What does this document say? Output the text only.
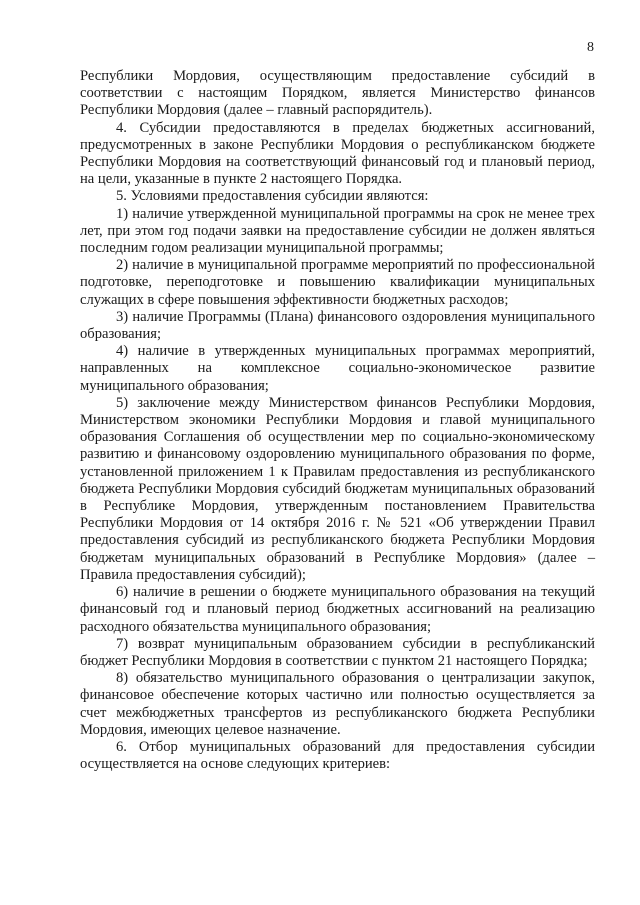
8

Республики Мордовия, осуществляющим предоставление субсидий в соответствии с настоящим Порядком, является Министерство финансов Республики Мордовия (далее – главный распорядитель).

4. Субсидии предоставляются в пределах бюджетных ассигнований, предусмотренных в законе Республики Мордовия о республиканском бюджете Республики Мордовия на соответствующий финансовый год и плановый период, на цели, указанные в пункте 2 настоящего Порядка.

5. Условиями предоставления субсидии являются:

1) наличие утвержденной муниципальной программы на срок не менее трех лет, при этом год подачи заявки на предоставление субсидии не должен являться последним годом реализации муниципальной программы;

2) наличие в муниципальной программе мероприятий по профессиональной подготовке, переподготовке и повышению квалификации муниципальных служащих в сфере повышения эффективности бюджетных расходов;

3) наличие Программы (Плана) финансового оздоровления муниципального образования;

4) наличие в утвержденных муниципальных программах мероприятий, направленных на комплексное социально-экономическое развитие муниципального образования;

5) заключение между Министерством финансов Республики Мордовия, Министерством экономики Республики Мордовия и главой муниципального образования Соглашения об осуществлении мер по социально-экономическому развитию и финансовому оздоровлению муниципального образования по форме, установленной приложением 1 к Правилам предоставления из республиканского бюджета Республики Мордовия субсидий бюджетам муниципальных образований в Республике Мордовия, утвержденным постановлением Правительства Республики Мордовия от 14 октября 2016 г. № 521 «Об утверждении Правил предоставления субсидий из республиканского бюджета Республики Мордовия бюджетам муниципальных образований в Республике Мордовия» (далее – Правила предоставления субсидий);

6) наличие в решении о бюджете муниципального образования на текущий финансовый год и плановый период бюджетных ассигнований на реализацию расходного обязательства муниципального образования;

7) возврат муниципальным образованием субсидии в республиканский бюджет Республики Мордовия в соответствии с пунктом 21 настоящего Порядка;

8) обязательство муниципального образования о централизации закупок, финансовое обеспечение которых частично или полностью осуществляется за счет межбюджетных трансфертов из республиканского бюджета Республики Мордовия, имеющих целевое назначение.

6. Отбор муниципальных образований для предоставления субсидии осуществляется на основе следующих критериев:
